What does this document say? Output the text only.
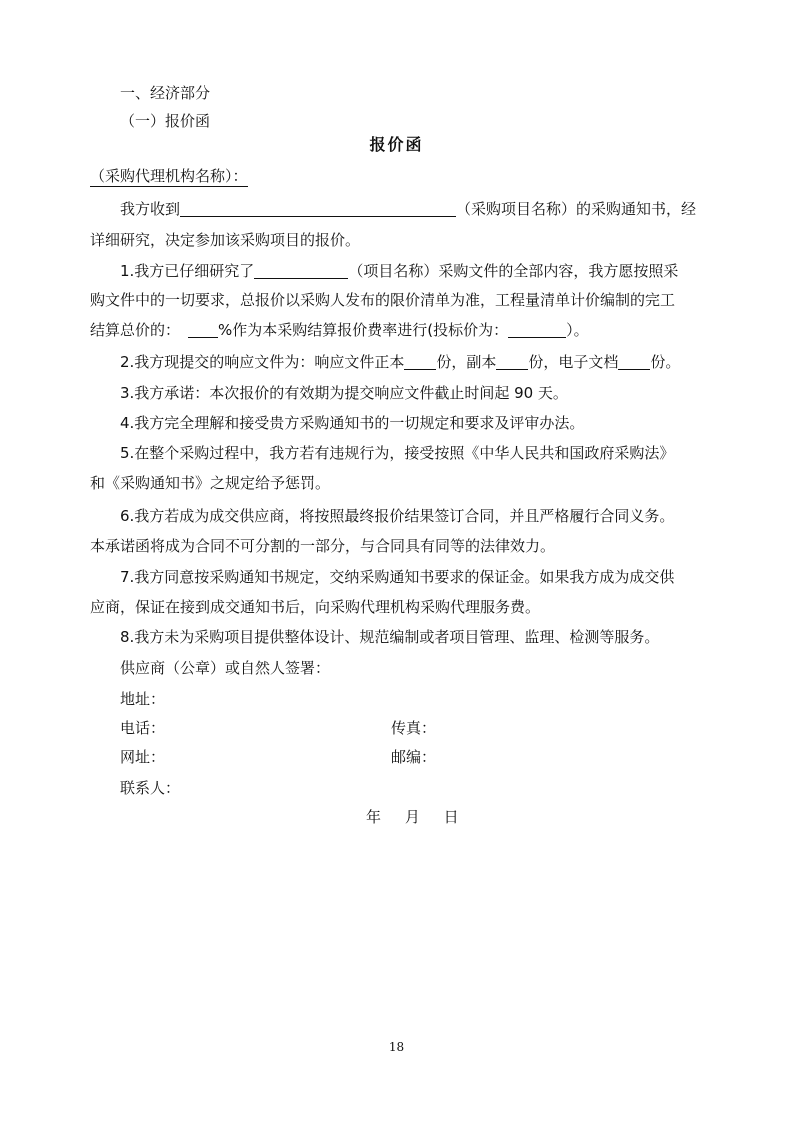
一、经济部分
（一）报价函
报价函
（采购代理机构名称）：
我方收到	（采购项目名称）的采购通知书，经
详细研究，决定参加该采购项目的报价。
1.我方已仔细研究了	（项目名称）采购文件的全部内容，我方愿按照采
购文件中的一切要求，总报价以采购人发布的限价清单为准，工程量清单计价编制的完工
结算总价的：	%作为本采购结算报价费率进行(投标价为：	）。
2.我方现提交的响应文件为：响应文件正本 份，副本 份，电子文档 份。
3.我方承诺：本次报价的有效期为提交响应文件截止时间起 90 天。
4.我方完全理解和接受贵方采购通知书的一切规定和要求及评审办法。
5.在整个采购过程中，我方若有违规行为，接受按照《中华人民共和国政府采购法》
和《采购通知书》之规定给予惩罚。
6.我方若成为成交供应商，将按照最终报价结果签订合同，并且严格履行合同义务。
本承诺函将成为合同不可分割的一部分，与合同具有同等的法律效力。
7.我方同意按采购通知书规定，交纳采购通知书要求的保证金。如果我方成为成交供
应商，保证在接到成交通知书后，向采购代理机构采购代理服务费。
8.我方未为采购项目提供整体设计、规范编制或者项目管理、监理、检测等服务。
供应商（公章）或自然人签署：
地址：
电话：	传真：
网址：	邮编：
联系人：
年     月     日
18
